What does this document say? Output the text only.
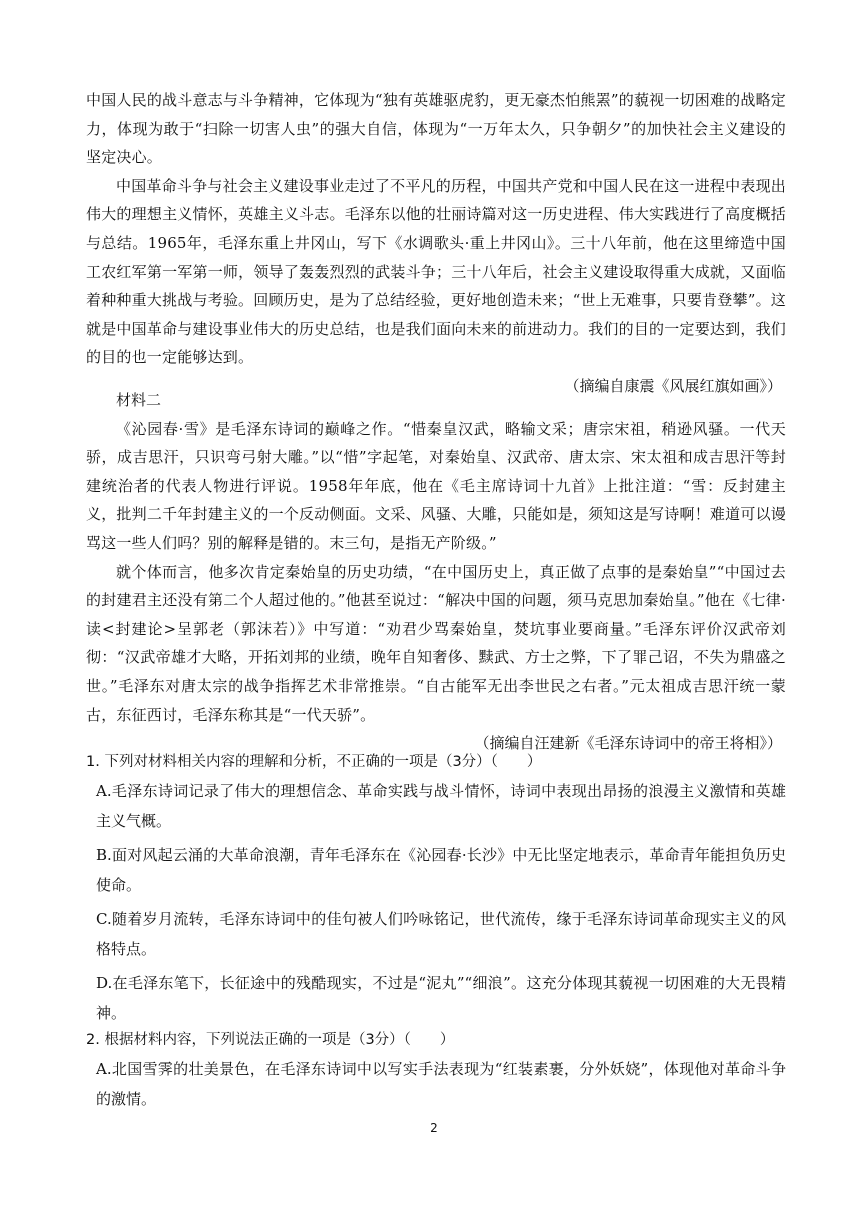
中国人民的战斗意志与斗争精神，它体现为“独有英雄驱虎豹，更无豪杰怕熊罴”的藐视一切困难的战略定力，体现为敢于“扫除一切害人虫”的强大自信，体现为“一万年太久，只争朝夕”的加快社会主义建设的坚定决心。

中国革命斗争与社会主义建设事业走过了不平凡的历程，中国共产党和中国人民在这一进程中表现出伟大的理想主义情怀，英雄主义斗志。毛泽东以他的壮丽诗篇对这一历史进程、伟大实践进行了高度概括与总结。1965年，毛泽东重上井冈山，写下《水调歌头·重上井冈山》。三十八年前，他在这里缔造中国工农红军第一军第一师，领导了轰轰烈烈的武装斗争；三十八年后，社会主义建设取得重大成就，又面临着种种重大挑战与考验。回顾历史，是为了总结经验，更好地创造未来；“世上无难事，只要肯登攀”。这就是中国革命与建设事业伟大的历史总结，也是我们面向未来的前进动力。我们的目的一定要达到，我们的目的也一定能够达到。

（摘编自康震《风展红旗如画》）

材料二

《沁园春·雪》是毛泽东诗词的巅峰之作。“惜秦皇汉武，略输文采；唐宗宋祖，稍逊风骚。一代天骄，成吉思汗，只识弯弓射大雕。”以“惜”字起笔，对秦始皇、汉武帝、唐太宗、宋太祖和成吉思汗等封建统治者的代表人物进行评说。1958年年底，他在《毛主席诗词十九首》上批注道：“雪：反封建主义，批判二千年封建主义的一个反动侧面。文采、风骚、大雕，只能如是，须知这是写诗啊！难道可以谩骂这一些人们吗？别的解释是错的。末三句，是指无产阶级。”

就个体而言，他多次肯定秦始皇的历史功绩，“在中国历史上，真正做了点事的是秦始皇”“中国过去的封建君主还没有第二个人超过他的。”他甚至说过：“解决中国的问题，须马克思加秦始皇。”他在《七律·读<封建论>呈郭老（郭沫若）》中写道：“劝君少骂秦始皇，焚坑事业要商量。”毛泽东评价汉武帝刘彻：“汉武帝雄才大略，开拓刘邦的业绩，晚年自知奢侈、黩武、方士之弊，下了罪己诏，不失为鼎盛之世。”毛泽东对唐太宗的战争指挥艺术非常推崇。“自古能军无出李世民之右者。”元太祖成吉思汗统一蒙古，东征西讨，毛泽东称其是“一代天骄”。

（摘编自汪建新《毛泽东诗词中的帝王将相》）

1. 下列对材料相关内容的理解和分析，不正确的一项是（3分）（　　）

A.毛泽东诗词记录了伟大的理想信念、革命实践与战斗情怀，诗词中表现出昂扬的浪漫主义激情和英雄主义气概。

B.面对风起云涌的大革命浪潮，青年毛泽东在《沁园春·长沙》中无比坚定地表示，革命青年能担负历史使命。

C.随着岁月流转，毛泽东诗词中的佳句被人们吟咏铭记，世代流传，缘于毛泽东诗词革命现实主义的风格特点。

D.在毛泽东笔下，长征途中的残酷现实，不过是“泥丸”“细浪”。这充分体现其藐视一切困难的大无畏精神。

2. 根据材料内容，下列说法正确的一项是（3分）（　　）

A.北国雪霁的壮美景色，在毛泽东诗词中以写实手法表现为“红装素裹，分外妖娆”，体现他对革命斗争的激情。

2
